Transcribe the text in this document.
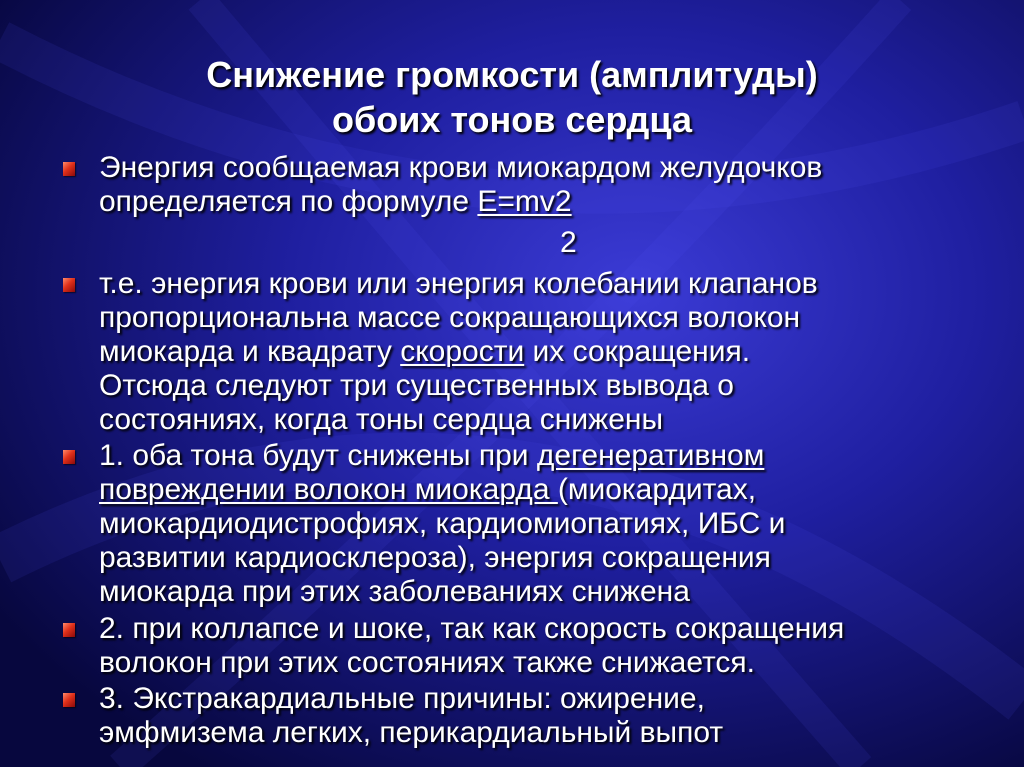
Снижение громкости (амплитуды)
обоих тонов сердца
Энергия сообщаемая крови миокардом желудочков
определяется по формуле E=mv2
2
т.е. энергия крови или энергия колебании клапанов
пропорциональна массе сокращающихся волокон
миокарда и квадрату скорости их сокращения.
Отсюда следуют три существенных вывода о
состояниях, когда тоны сердца снижены
1. оба тона будут снижены при дегенеративном
повреждении волокон миокарда (миокардитах,
миокардиодистрофиях, кардиомиопатиях, ИБС и
развитии кардиосклероза), энергия сокращения
миокарда при этих заболеваниях снижена
2. при коллапсе и шоке, так как скорость сокращения
волокон при этих состояниях также снижается.
3. Экстракардиальные причины: ожирение,
эмфмизема легких, перикардиальный выпот
